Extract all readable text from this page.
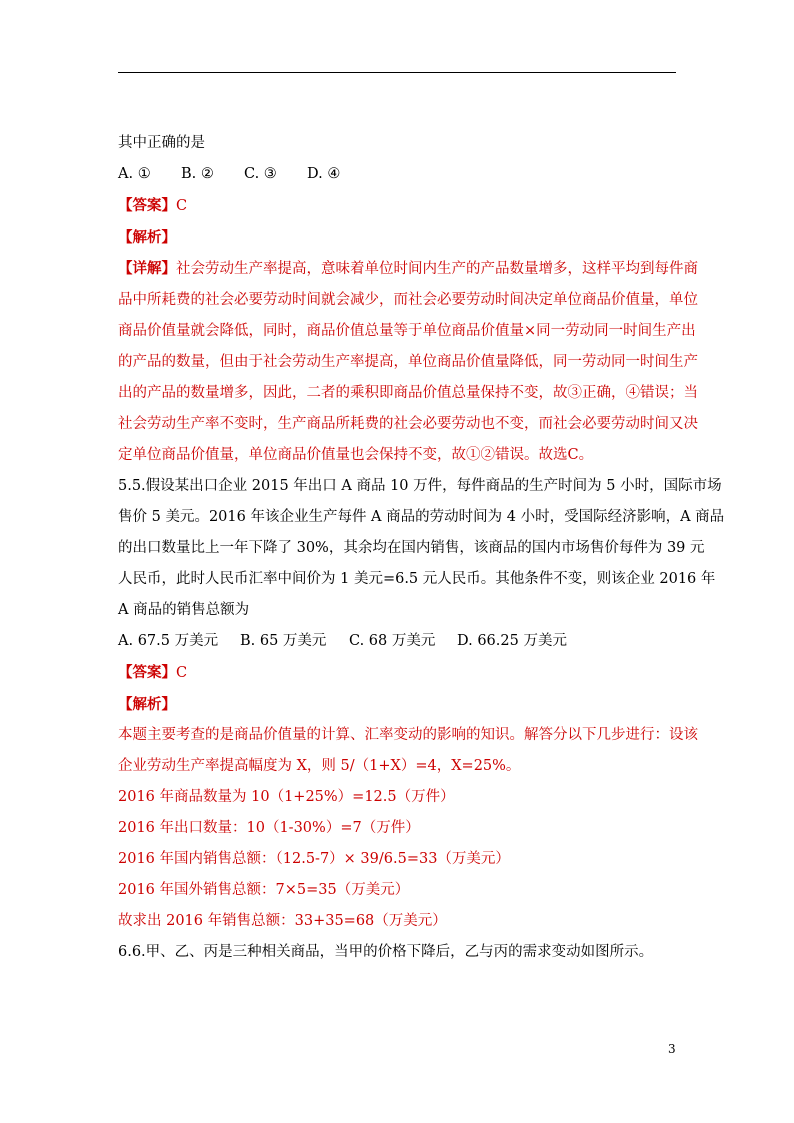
其中正确的是
A. ① B. ② C. ③ D. ④
【答案】C
【解析】
【详解】社会劳动生产率提高，意味着单位时间内生产的产品数量增多，这样平均到每件商
品中所耗费的社会必要劳动时间就会减少，而社会必要劳动时间决定单位商品价值量，单位
商品价值量就会降低，同时，商品价值总量等于单位商品价值量×同一劳动同一时间生产出
的产品的数量，但由于社会劳动生产率提高，单位商品价值量降低，同一劳动同一时间生产
出的产品的数量增多，因此，二者的乘积即商品价值总量保持不变，故③正确，④错误；当
社会劳动生产率不变时，生产商品所耗费的社会必要劳动也不变，而社会必要劳动时间又决
定单位商品价值量，单位商品价值量也会保持不变，故①②错误。故选C。
5.5.假设某出口企业 2015 年出口 A 商品 10 万件，每件商品的生产时间为 5 小时，国际市场
售价 5 美元。2016 年该企业生产每件 A 商品的劳动时间为 4 小时，受国际经济影响，A 商品
的出口数量比上一年下降了 30%，其余均在国内销售，该商品的国内市场售价每件为 39 元
人民币，此时人民币汇率中间价为 1 美元=6.5 元人民币。其他条件不变，则该企业 2016 年
A 商品的销售总额为
A. 67.5 万美元 B. 65 万美元 C. 68 万美元 D. 66.25 万美元
【答案】C
【解析】
本题主要考查的是商品价值量的计算、汇率变动的影响的知识。解答分以下几步进行：设该
企业劳动生产率提高幅度为 X，则 5/（1+X）=4，X=25%。
2016 年商品数量为 10（1+25%）=12.5（万件）
2016 年出口数量：10（1-30%）=7（万件）
2016 年国内销售总额：（12.5-7）× 39/6.5=33（万美元）
2016 年国外销售总额：7×5=35（万美元）
故求出 2016 年销售总额：33+35=68（万美元）
6.6.甲、乙、丙是三种相关商品，当甲的价格下降后，乙与丙的需求变动如图所示。
3
